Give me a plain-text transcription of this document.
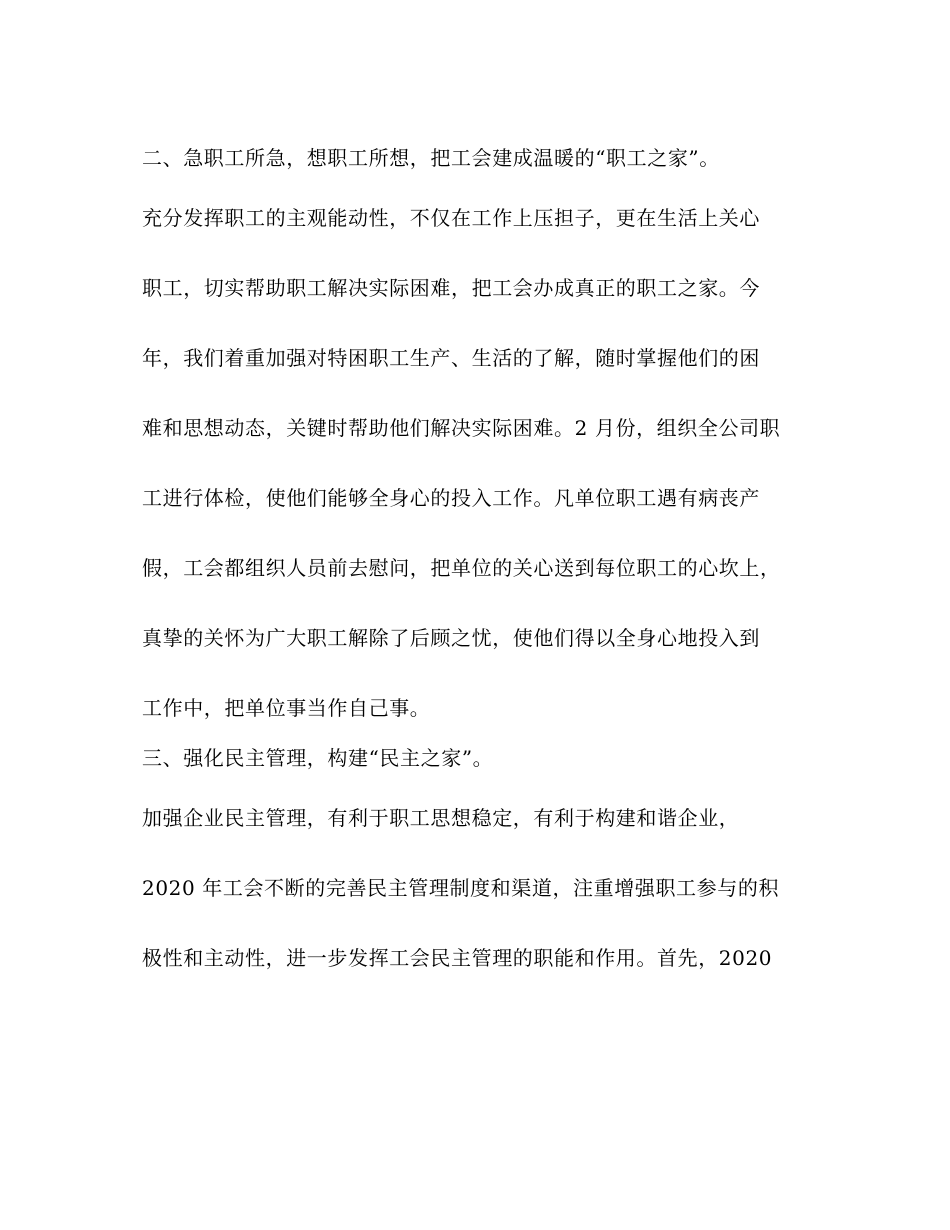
二、急职工所急，想职工所想，把工会建成温暖的“职工之家”。
充分发挥职工的主观能动性，不仅在工作上压担子，更在生活上关心
职工，切实帮助职工解决实际困难，把工会办成真正的职工之家。今
年，我们着重加强对特困职工生产、生活的了解，随时掌握他们的困
难和思想动态，关键时帮助他们解决实际困难。2 月份，组织全公司职
工进行体检，使他们能够全身心的投入工作。凡单位职工遇有病丧产
假，工会都组织人员前去慰问，把单位的关心送到每位职工的心坎上，
真挚的关怀为广大职工解除了后顾之忧，使他们得以全身心地投入到
工作中，把单位事当作自己事。
三、强化民主管理，构建“民主之家”。
加强企业民主管理，有利于职工思想稳定，有利于构建和谐企业，
2020 年工会不断的完善民主管理制度和渠道，注重增强职工参与的积
极性和主动性，进一步发挥工会民主管理的职能和作用。首先，2020
